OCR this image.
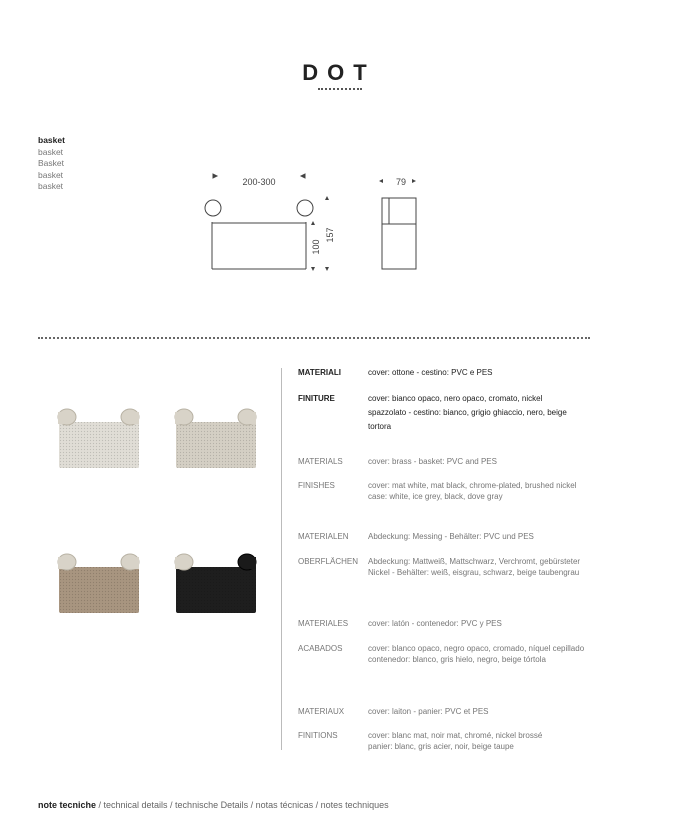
DOT
basket
basket
Basket
basket
basket	200-300
100
157
79
MATERIALI	cover: ottone - cestino: PVC e PES
FINITURE	cover: bianco opaco, nero opaco, cromato, nickel
spazzolato - cestino: bianco, grigio ghiaccio, nero, beige
tortora
MATERIALS	cover: brass - basket: PVC and PES
FINISHES	cover: mat white, mat black, chrome-plated, brushed nickel
case: white, ice grey, black, dove gray
MATERIALEN Abdeckung: Messing - Behälter: PVC und PES
OBERFLÄCHEN Abdeckung: Mattweiß, Mattschwarz, Verchromt, gebürsteter
Nickel - Behälter: weiß, eisgrau, schwarz, beige taubengrau
MATERIALES cover: latón - contenedor: PVC y PES
ACABADOS	cover: blanco opaco, negro opaco, cromado, níquel cepillado
contenedor: blanco, gris hielo, negro, beige tórtola
MATERIAUX	cover: laiton - panier: PVC et PES
FINITIONS	cover: blanc mat, noir mat, chromé, nickel brossé
panier: blanc, gris acier, noir, beige taupe
note tecniche / technical details / technische Details / notas técnicas / notes techniques
